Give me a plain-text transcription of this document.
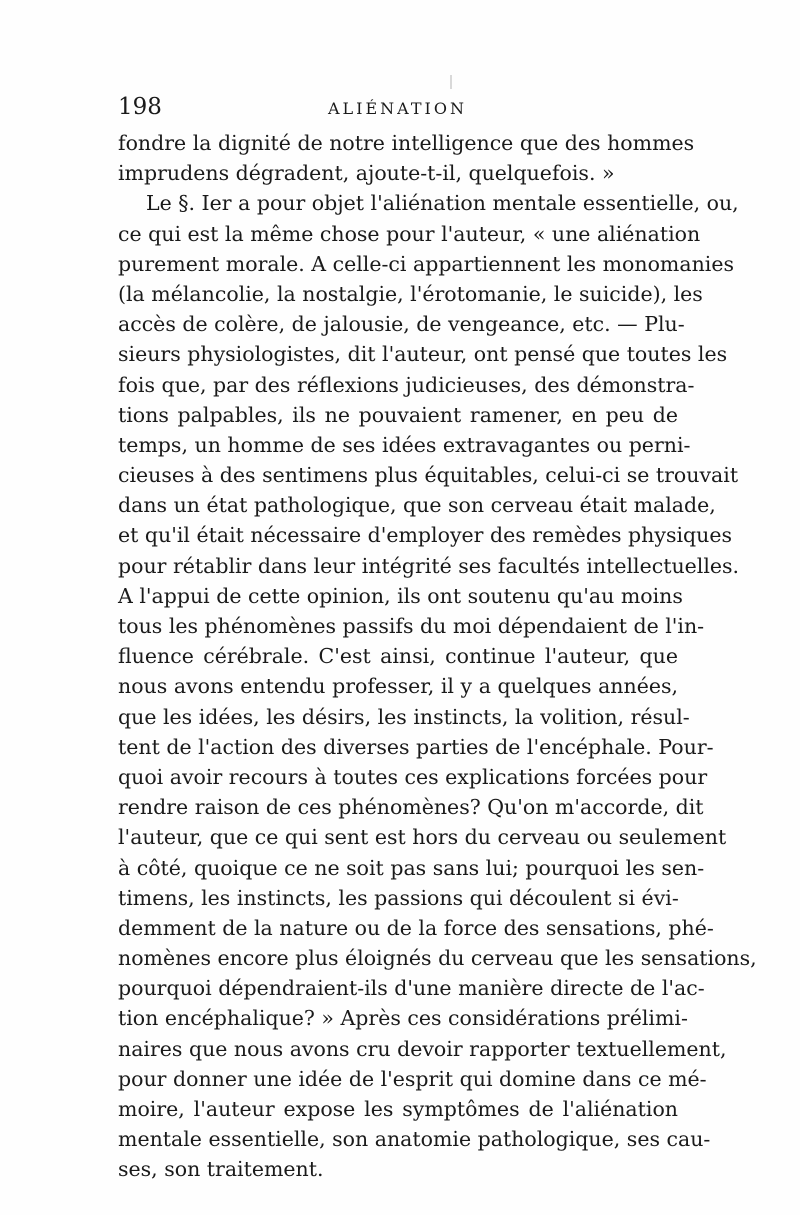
198	ALIÉNATION
fondre la dignité de notre intelligence que des hommes
imprudens dégradent, ajoute-t-il, quelquefois. »
Le §. Ier a pour objet l'aliénation mentale essentielle, ou,
ce qui est la même chose pour l'auteur, « une aliénation
purement morale. A celle-ci appartiennent les monomanies
(la mélancolie, la nostalgie, l'érotomanie, le suicide), les
accès de colère, de jalousie, de vengeance, etc. — Plu-
sieurs physiologistes, dit l'auteur, ont pensé que toutes les
fois que, par des réflexions judicieuses, des démonstra-
tions palpables, ils ne pouvaient ramener, en peu de
temps, un homme de ses idées extravagantes ou perni-
cieuses à des sentimens plus équitables, celui-ci se trouvait
dans un état pathologique, que son cerveau était malade,
et qu'il était nécessaire d'employer des remèdes physiques
pour rétablir dans leur intégrité ses facultés intellectuelles.
A l'appui de cette opinion, ils ont soutenu qu'au moins
tous les phénomènes passifs du moi dépendaient de l'in-
fluence cérébrale. C'est ainsi, continue l'auteur, que
nous avons entendu professer, il y a quelques années,
que les idées, les désirs, les instincts, la volition, résul-
tent de l'action des diverses parties de l'encéphale. Pour-
quoi avoir recours à toutes ces explications forcées pour
rendre raison de ces phénomènes? Qu'on m'accorde, dit
l'auteur, que ce qui sent est hors du cerveau ou seulement
à côté, quoique ce ne soit pas sans lui; pourquoi les sen-
timens, les instincts, les passions qui découlent si évi-
demment de la nature ou de la force des sensations, phé-
nomènes encore plus éloignés du cerveau que les sensations,
pourquoi dépendraient-ils d'une manière directe de l'ac-
tion encéphalique? » Après ces considérations prélimi-
naires que nous avons cru devoir rapporter textuellement,
pour donner une idée de l'esprit qui domine dans ce mé-
moire, l'auteur expose les symptômes de l'aliénation
mentale essentielle, son anatomie pathologique, ses cau-
ses, son traitement.
